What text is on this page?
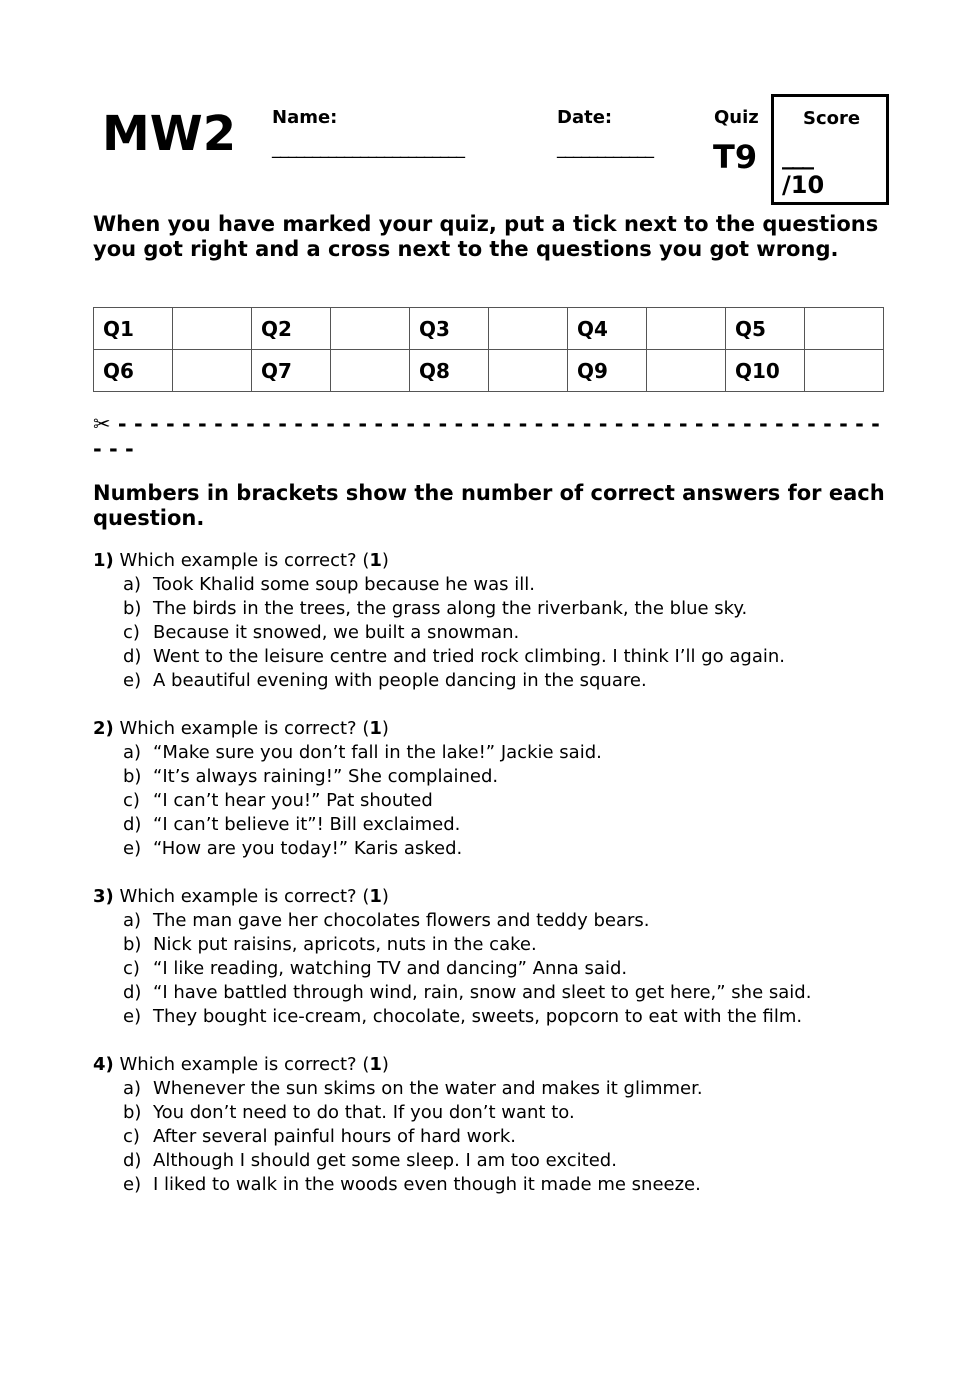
MW2 Name:
________________________
Date:
____________
Quiz
T9
Score
___
/10
When you have marked your quiz, put a tick next to the questions you got right and a cross next to the questions you got wrong.
Q1		Q2		Q3		Q4		Q5	
Q6		Q7		Q8		Q9		Q10	
✂ - - - - - - - - - - - - - - - - - - - - - - - - - - - - - - - - - - - - - - - - - - - - - - - - - - -
Numbers in brackets show the number of correct answers for each question.
1) Which example is correct? (1)
a) Took Khalid some soup because he was ill.
b) The birds in the trees, the grass along the riverbank, the blue sky.
c) Because it snowed, we built a snowman.
d) Went to the leisure centre and tried rock climbing. I think I’ll go again.
e) A beautiful evening with people dancing in the square.
2) Which example is correct? (1)
a) “Make sure you don’t fall in the lake!” Jackie said.
b) “It’s always raining!” She complained.
c) “I can’t hear you!” Pat shouted
d) “I can’t believe it”! Bill exclaimed.
e) “How are you today!” Karis asked.
3) Which example is correct? (1)
a) The man gave her chocolates flowers and teddy bears.
b) Nick put raisins, apricots, nuts in the cake.
c) “I like reading, watching TV and dancing” Anna said.
d) “I have battled through wind, rain, snow and sleet to get here,” she said.
e) They bought ice-cream, chocolate, sweets, popcorn to eat with the film.
4) Which example is correct? (1)
a) Whenever the sun skims on the water and makes it glimmer.
b) You don’t need to do that. If you don’t want to.
c) After several painful hours of hard work.
d) Although I should get some sleep. I am too excited.
e) I liked to walk in the woods even though it made me sneeze.
